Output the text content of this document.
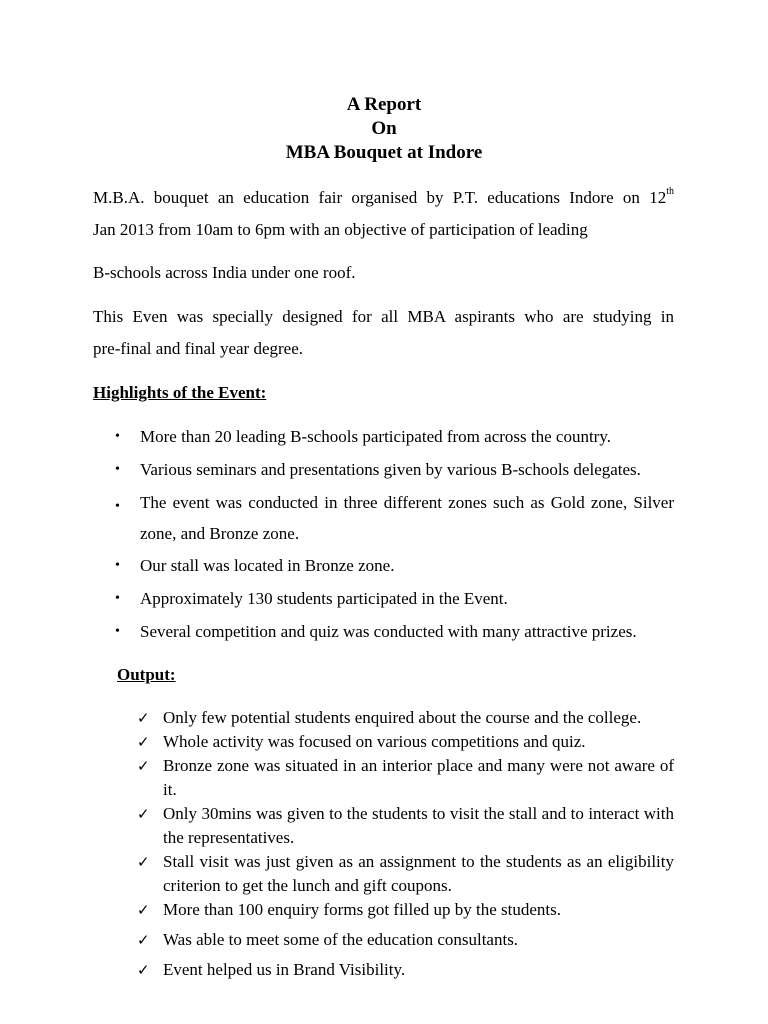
A Report
On
MBA Bouquet at Indore
M.B.A. bouquet an education fair organised by P.T. educations Indore on 12th
Jan 2013 from 10am to 6pm with an objective of participation of leading
B-schools across India under one roof.
This Even was specially designed for all MBA aspirants who are studying in
pre-final and final year degree.
Highlights of the Event:
• More than 20 leading B-schools participated from across the country.
• Various seminars and presentations given by various B-schools delegates.
• The event was conducted in three different zones such as Gold zone, Silver zone, and Bronze zone.
• Our stall was located in Bronze zone.
• Approximately 130 students participated in the Event.
• Several competition and quiz was conducted with many attractive prizes.
Output:
✓ Only few potential students enquired about the course and the college.
✓ Whole activity was focused on various competitions and quiz.
✓ Bronze zone was situated in an interior place and many were not aware of it.
✓ Only 30mins was given to the students to visit the stall and to interact with the representatives.
✓ Stall visit was just given as an assignment to the students as an eligibility criterion to get the lunch and gift coupons.
✓ More than 100 enquiry forms got filled up by the students.
✓ Was able to meet some of the education consultants.
✓ Event helped us in Brand Visibility.
